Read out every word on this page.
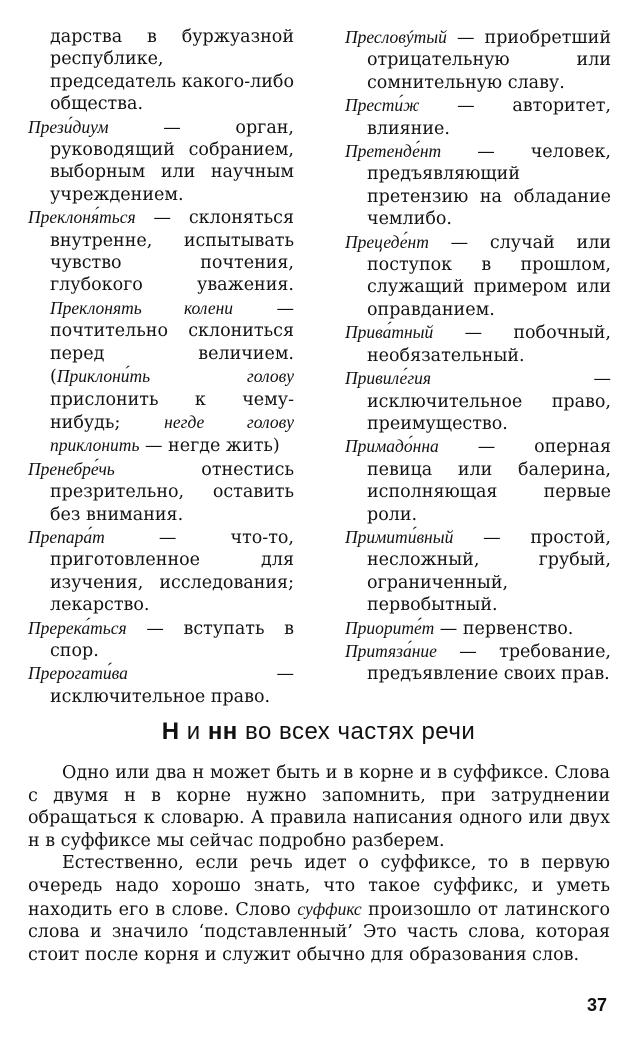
дарства в буржуазной республике, председатель какого-либо общества.

Прези́диум — орган, руководящий собранием, выборным или научным учреждением.

Преклоня́ться — склоняться внутренне, испытывать чувство почтения, глубокого уважения. Преклонять колени — почтительно склониться перед величием. (Приклони́ть голову прислонить к чему-нибудь; негде голову приклонить — негде жить)

Пренебре́чь отнестись презрительно, оставить без внимания.

Препара́т — что-то, приготовленное для изучения, исследования; лекарство.

Пререка́ться — вступать в спор.

Прерогати́ва — исключительное право.

Пресловýтый — приобретший отрицательную или сомнительную славу.

Прести́ж — авторитет, влияние.

Претенде́нт — человек, предъявляющий претензию на обладание чемлибо.

Прецеде́нт — случай или поступок в прошлом, служащий примером или оправданием.

Прива́тный — побочный, необязательный.

Привиле́гия — исключительное право, преимущество.

Примадо́нна — оперная певица или балерина, исполняющая первые роли.

Примити́вный — простой, несложный, грубый, ограниченный, первобытный.

Приорите́т — первенство.

Притяза́ние — требование, предъявление своих прав.

Н и нн во всех частях речи

Одно или два н может быть и в корне и в суффиксе. Слова с двумя н в корне нужно запомнить, при затруднении обращаться к словарю. А правила написания одного или двух н в суффиксе мы сейчас подробно разберем.

Естественно, если речь идет о суффиксе, то в первую очередь надо хорошо знать, что такое суффикс, и уметь находить его в слове. Слово суффикс произошло от латинского слова и значило ‘подставленный’ Это часть слова, которая стоит после корня и служит обычно для образования слов.

37
